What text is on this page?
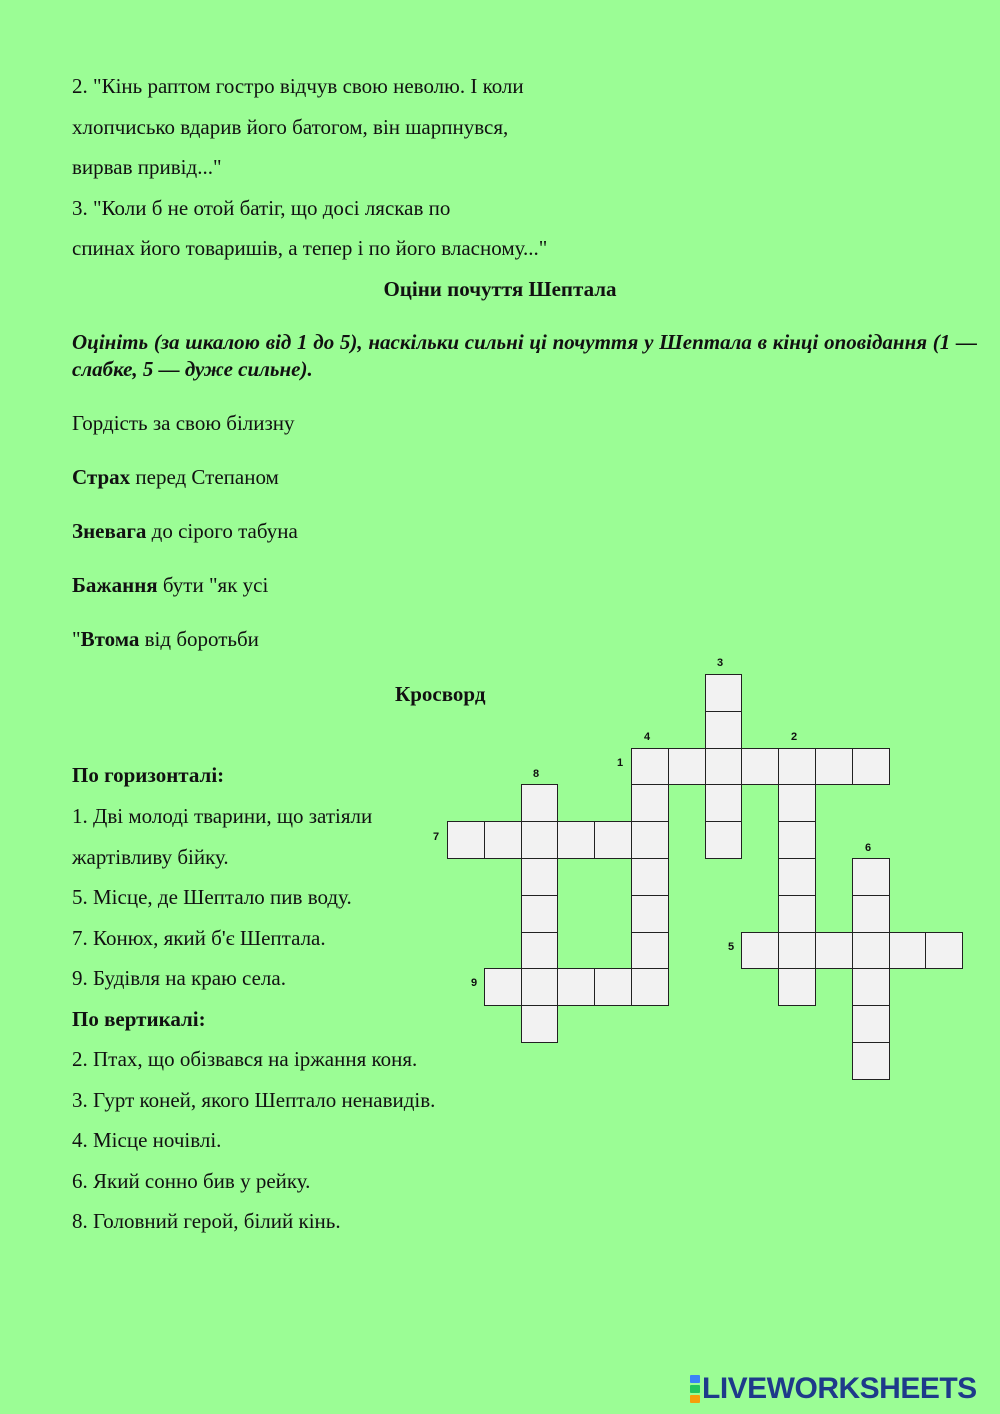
2. "Кінь раптом гостро відчув свою неволю. І коли
хлопчисько вдарив його батогом, він шарпнувся,
вирвав привід..."
3. "Коли б не отой батіг, що досі ляскав по
спинах його товаришів, а тепер і по його власному..."
Оціни почуття Шептала
Оцініть (за шкалою від 1 до 5), наскільки сильні ці почуття у Шептала в кінці оповідання (1 — слабке, 5 — дуже сильне).
Гордість за свою білизну
Страх перед Степаном
Зневага до сірого табуна
Бажання бути "як усі
"Втома від боротьби
Кросворд
По горизонталі:
1. Дві молоді тварини, що затіяли
жартівливу бійку.
5. Місце, де Шептало пив воду.
7. Конюх, який б'є Шептала.
9. Будівля на краю села.
По вертикалі:
2. Птах, що обізвався на іржання коня.
3. Гурт коней, якого Шептало ненавидів.
4. Місце ночівлі.
6. Який сонно бив у рейку.
8. Головний герой, білий кінь.
1
2
3
4
5
6
7
8
9
LIVEWORKSHEETS
